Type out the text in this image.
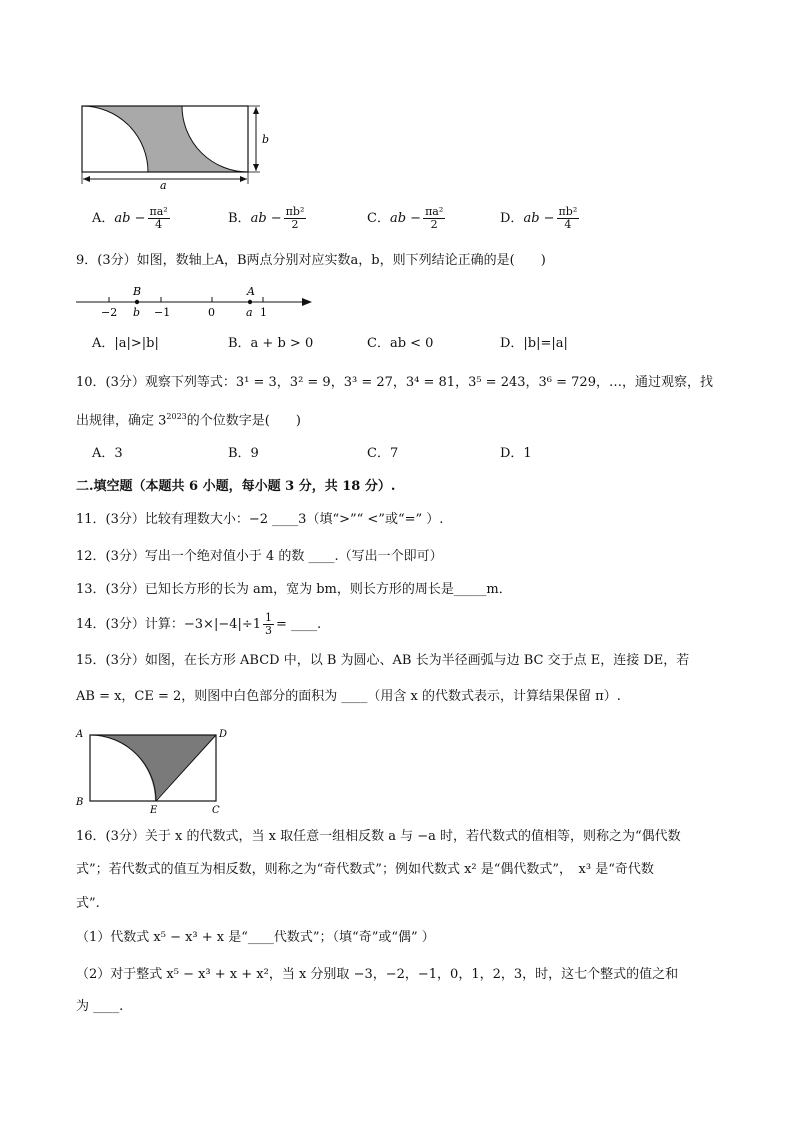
b
a
A．ab − $\frac{\text{πa²}}{4}$	B．ab − $\frac{\text{πb²}}{2}$	C．ab − $\frac{\text{πa²}}{2}$	D．ab − $\frac{\text{πb²}}{4}$
9．(3分）如图，数轴上A，B两点分别对应实数a，b，则下列结论正确的是(　　)
B	A
−2 b −1	0	a 1
A．|a|>|b|	B．a + b > 0	C．ab < 0	D．|b|=|a|
10．(3分）观察下列等式：3¹ = 3，3² = 9，3³ = 27，3⁴ = 81，3⁵ = 243，3⁶ = 729，…，通过观察，找
出规律，确定 $3^{2023}$的个位数字是(　　)
A．3	B．9	C．7	D．1
二.填空题（本题共 6 小题，每小题 3 分，共 18 分）.
11．(3分）比较有理数大小：−2 ____3（填“>”“ <”或“=” ）.
12．(3分）写出一个绝对值小于 4 的数 ____.（写出一个即可）
13．(3分）已知长方形的长为 am，宽为 bm，则长方形的周长是_____m．
14．(3分）计算：$-3\times|-4|\div 1 \frac{1}{3}$ = ____.
15．(3分）如图，在长方形 ABCD 中，以 B 为圆心、AB 长为半径画弧与边 BC 交于点 E，连接 DE，若
AB = x，CE = 2，则图中白色部分的面积为 ____（用含 x 的代数式表示，计算结果保留 π）.
A	D
B
E	C
16．(3分）关于 x 的代数式，当 x 取任意一组相反数 a 与 −a 时，若代数式的值相等，则称之为“偶代数
式”；若代数式的值互为相反数，则称之为“奇代数式”；例如代数式 x² 是“偶代数式”，　x³ 是“奇代数
式”.
（1）代数式 x⁵ − x³ + x 是“____代数式”；（填“奇”或“偶” ）
（2）对于整式 x⁵ − x³ + x + x²，当 x 分别取 −3，−2，−1，0，1，2，3，时，这七个整式的值之和
为 ____.
